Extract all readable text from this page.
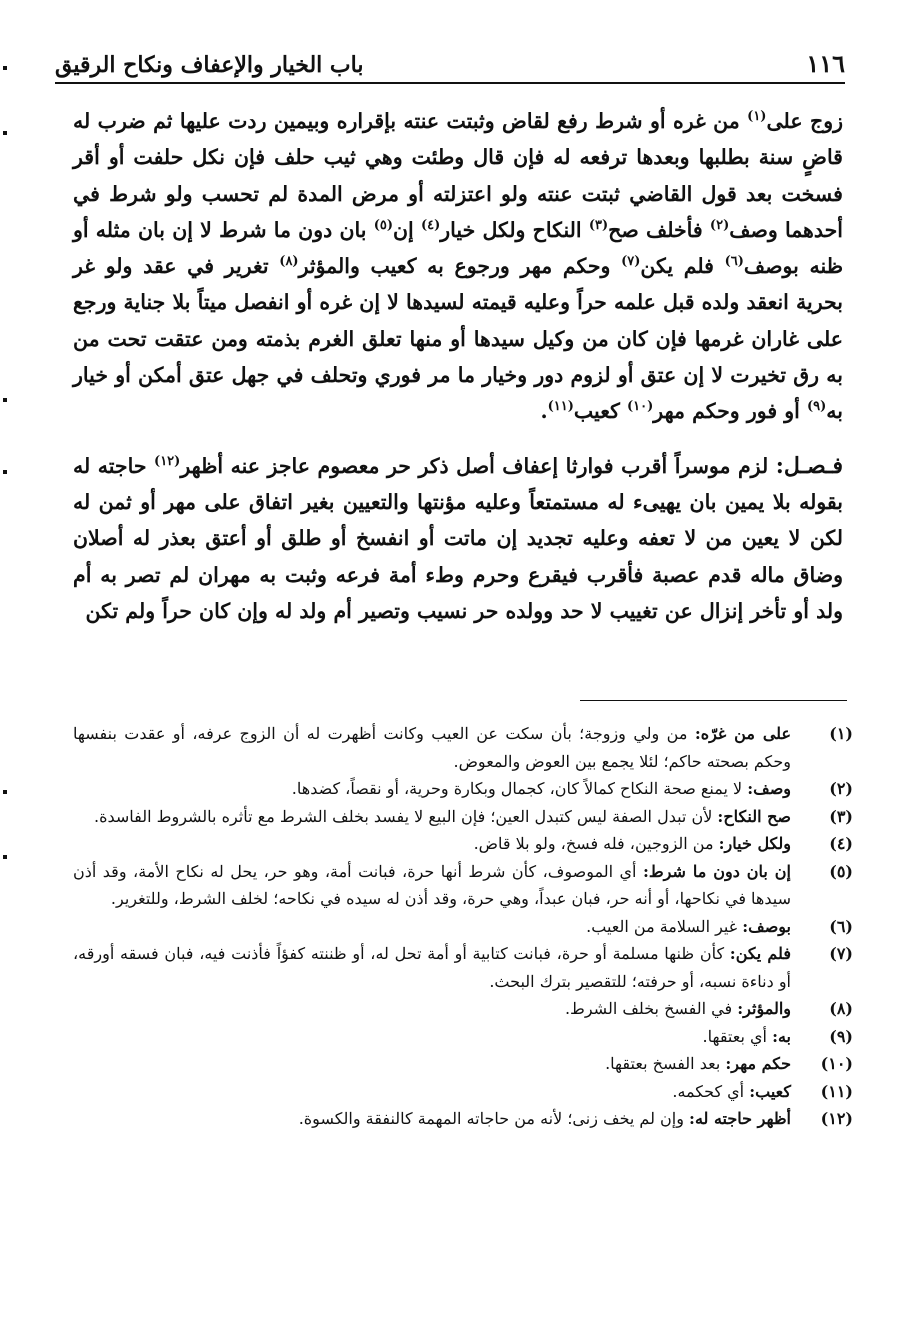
١١٦
باب الخيار والإعفاف ونكاح الرقيق

زوج على$^{(١)}$ من غره أو شرط رفع لقاض وثبتت عنته بإقراره وبيمين ردت عليها ثم ضرب له قاضٍ سنة بطلبها وبعدها ترفعه له فإن قال وطئت وهي ثيب حلف فإن نكل حلفت أو أقر فسخت بعد قول القاضي ثبتت عنته ولو اعتزلته أو مرض المدة لم تحسب ولو شرط في أحدهما وصف$^{(٢)}$ فأخلف صح$^{(٣)}$ النكاح ولكل خيار$^{(٤)}$ إن$^{(٥)}$ بان دون ما شرط لا إن بان مثله أو ظنه بوصف$^{(٦)}$ فلم يكن$^{(٧)}$ وحكم مهر ورجوع به كعيب والمؤثر$^{(٨)}$ تغرير في عقد ولو غر بحرية انعقد ولده قبل علمه حراً وعليه قيمته لسيدها لا إن غره أو انفصل ميتاً بلا جناية ورجع على غاران غرمها فإن كان من وكيل سيدها أو منها تعلق الغرم بذمته ومن عتقت تحت من به رق تخيرت لا إن عتق أو لزوم دور وخيار ما مر فوري وتحلف في جهل عتق أمكن أو خيار به$^{(٩)}$ أو فور وحكم مهر$^{(١٠)}$ كعيب$^{(١١)}$.

فـصـل: لزم موسراً أقرب فوارثا إعفاف أصل ذكر حر معصوم عاجز عنه أظهر$^{(١٢)}$ حاجته له بقوله بلا يمين بان يهيىء له مستمتعاً وعليه مؤنتها والتعيين بغير اتفاق على مهر أو ثمن له لكن لا يعين من لا تعفه وعليه تجديد إن ماتت أو انفسخ أو طلق أو أعتق بعذر له أصلان وضاق ماله قدم عصبة فأقرب فيقرع وحرم وطء أمة فرعه وثبت به مهران لم تصر به أم ولد أو تأخر إنزال عن تغييب لا حد وولده حر نسيب وتصير أم ولد له وإن كان حراً ولم تكن

(١)
على من غرّه: من ولي وزوجة؛ بأن سكت عن العيب وكانت أظهرت له أن الزوج عرفه، أو عقدت بنفسها وحكم بصحته حاكم؛ لئلا يجمع بين العوض والمعوض.
(٢)
وصف: لا يمنع صحة النكاح كمالاً كان، كجمال وبكارة وحرية، أو نقصاً، كضدها.
(٣)
صح النكاح: لأن تبدل الصفة ليس كتبدل العين؛ فإن البيع لا يفسد بخلف الشرط مع تأثره بالشروط الفاسدة.
(٤)
ولكل خيار: من الزوجين، فله فسخ، ولو بلا قاض.
(٥)
إن بان دون ما شرط: أي الموصوف، كأن شرط أنها حرة، فبانت أمة، وهو حر، يحل له نكاح الأمة، وقد أذن سيدها في نكاحها، أو أنه حر، فبان عبداً، وهي حرة، وقد أذن له سيده في نكاحه؛ لخلف الشرط، وللتغرير.
(٦)
بوصف: غير السلامة من العيب.
(٧)
فلم يكن: كأن ظنها مسلمة أو حرة، فبانت كتابية أو أمة تحل له، أو ظننته كفؤاً فأذنت فيه، فبان فسقه أورقه، أو دناءة نسبه، أو حرفته؛ للتقصير بترك البحث.
(٨)
والمؤثر: في الفسخ بخلف الشرط.
(٩)
به: أي بعتقها.
(١٠)
حكم مهر: بعد الفسخ بعتقها.
(١١)
كعيب: أي كحكمه.
(١٢)
أظهر حاجته له: وإن لم يخف زنى؛ لأنه من حاجاته المهمة كالنفقة والكسوة.
